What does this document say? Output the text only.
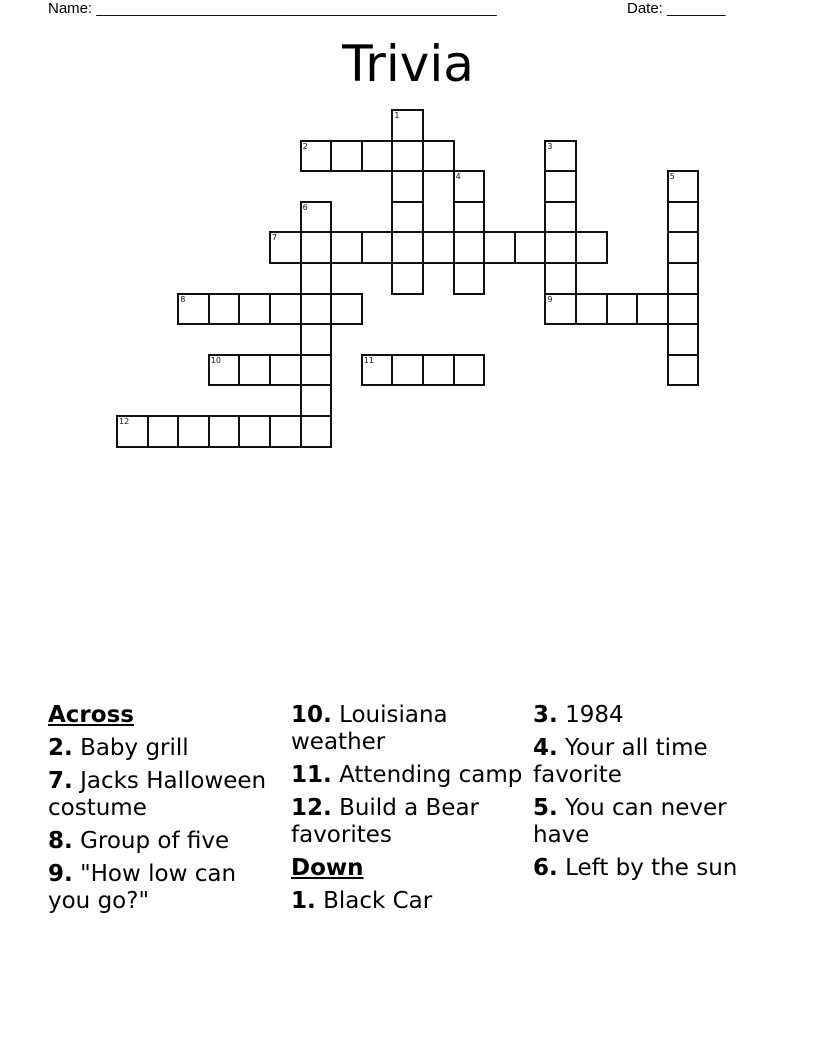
Name: ________________________________________________	Date: _______
Trivia
1
2	3
9
4	5
6
7
8
10	11
12
Across
2. Baby grill
7. Jacks Halloween costume
8. Group of five
9. "How low can you go?"
10. Louisiana weather
11. Attending camp
12. Build a Bear favorites
Down
1. Black Car
3. 1984
4. Your all time favorite
5. You can never have
6. Left by the sun
